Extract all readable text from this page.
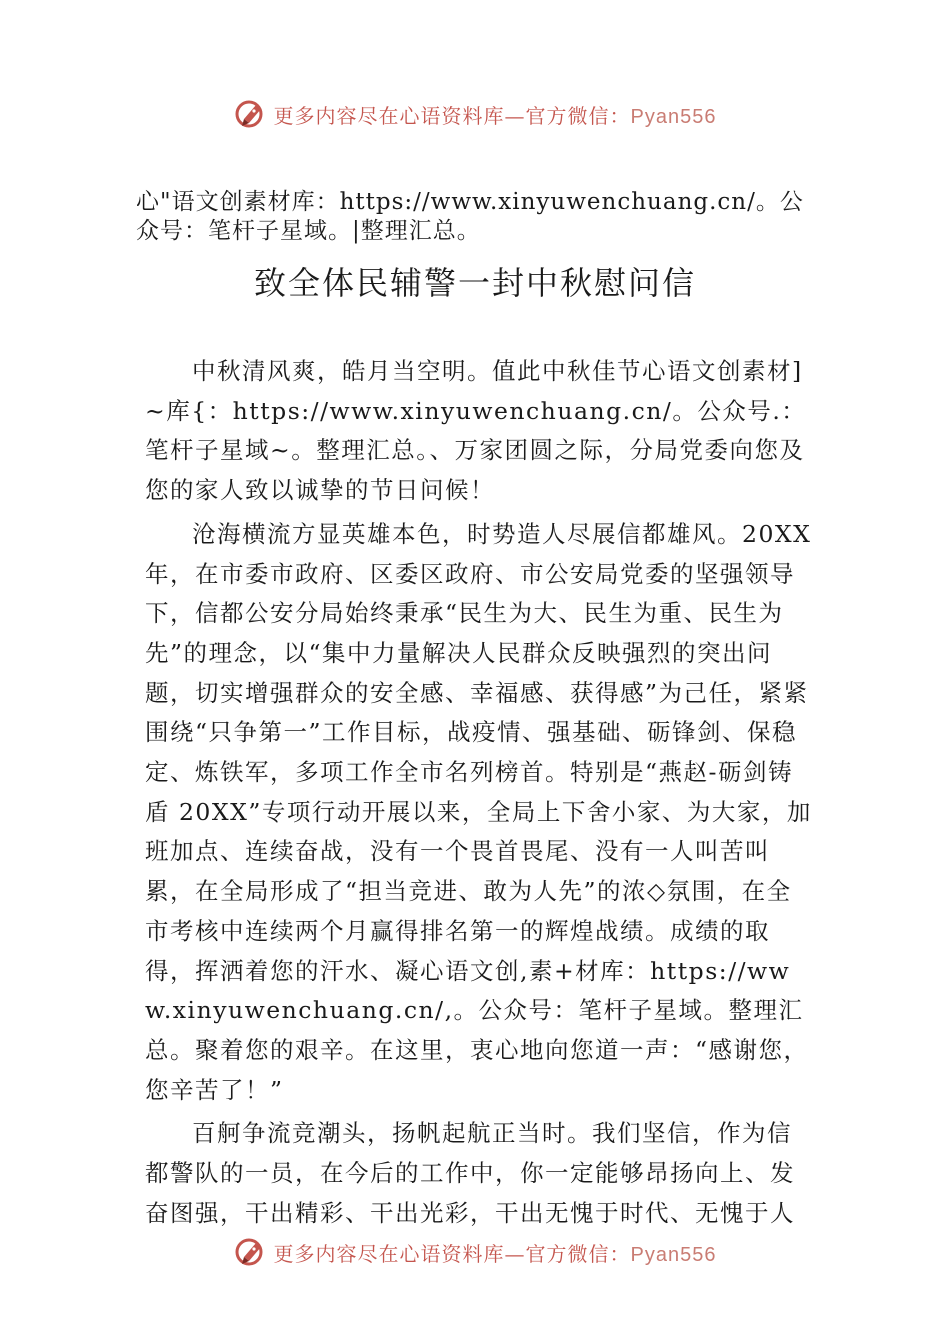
更多内容尽在心语资料库—官方微信：Pyan556
心"语文创素材库：https://www.xinyuwenchuang.cn/。公众号：笔杆子星域。|整理汇总。
致全体民辅警一封中秋慰问信

中秋清风爽，皓月当空明。值此中秋佳节心语文创素材]~库{：https://www.xinyuwenchuang.cn/。公众号.：笔杆子星域~。整理汇总。、万家团圆之际，分局党委向您及您的家人致以诚挚的节日问候！

沧海横流方显英雄本色，时势造人尽展信都雄风。20XX年，在市委市政府、区委区政府、市公安局党委的坚强领导下，信都公安分局始终秉承“民生为大、民生为重、民生为先”的理念，以“集中力量解决人民群众反映强烈的突出问题，切实增强群众的安全感、幸福感、获得感”为己任，紧紧围绕“只争第一”工作目标，战疫情、强基础、砺锋剑、保稳定、炼铁军，多项工作全市名列榜首。特别是“燕赵-砺剑铸盾 20XX”专项行动开展以来，全局上下舍小家、为大家，加班加点、连续奋战，没有一个畏首畏尾、没有一人叫苦叫累，在全局形成了“担当竞进、敢为人先”的浓◇氛围，在全市考核中连续两个月赢得排名第一的辉煌战绩。成绩的取得，挥洒着您的汗水、凝心语文创,素+材库：https://www.xinyuwenchuang.cn/,。公众号：笔杆子星域。整理汇总。聚着您的艰辛。在这里，衷心地向您道一声：“感谢您，您辛苦了！”

百舸争流竞潮头，扬帆起航正当时。我们坚信，作为信都警队的一员，在今后的工作中，你一定能够昂扬向上、发奋图强，干出精彩、干出光彩，干出无愧于时代、无愧于人

更多内容尽在心语资料库—官方微信：Pyan556
